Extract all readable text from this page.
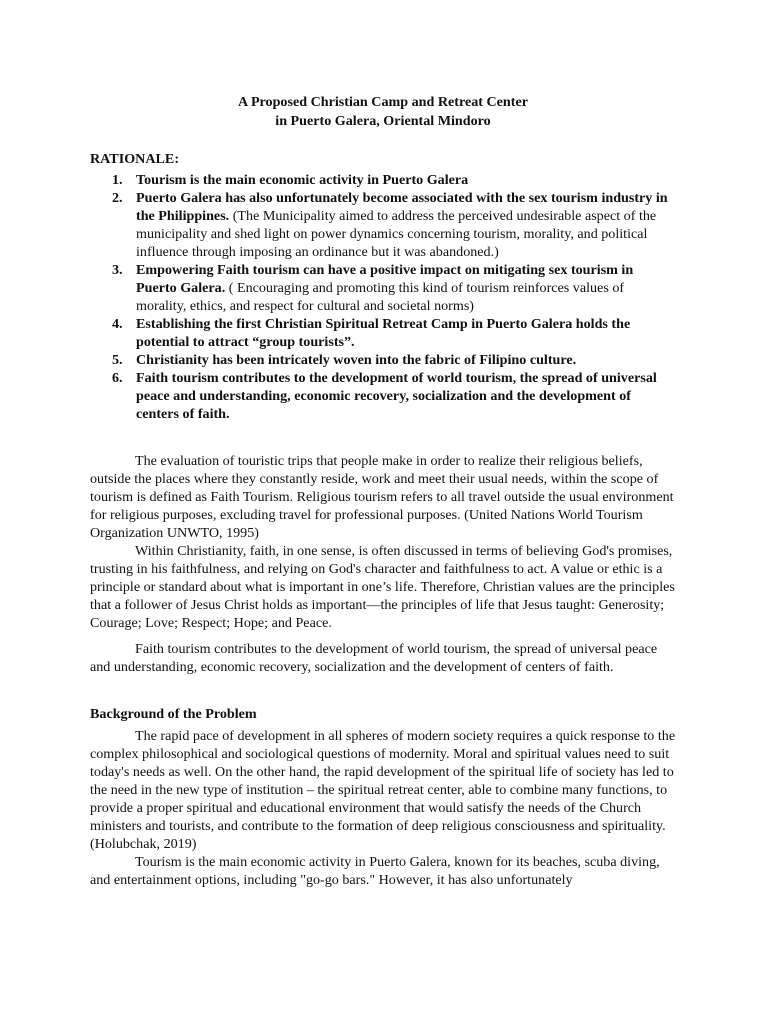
A Proposed Christian Camp and Retreat Center
in Puerto Galera, Oriental Mindoro
RATIONALE:
1. Tourism is the main economic activity in Puerto Galera
2. Puerto Galera has also unfortunately become associated with the sex tourism industry in the Philippines. (The Municipality aimed to address the perceived undesirable aspect of the municipality and shed light on power dynamics concerning tourism, morality, and political influence through imposing an ordinance but it was abandoned.)
3. Empowering Faith tourism can have a positive impact on mitigating sex tourism in Puerto Galera. ( Encouraging and promoting this kind of tourism reinforces values of morality, ethics, and respect for cultural and societal norms)
4. Establishing the first Christian Spiritual Retreat Camp in Puerto Galera holds the potential to attract “group tourists”.
5. Christianity has been intricately woven into the fabric of Filipino culture.
6. Faith tourism contributes to the development of world tourism, the spread of universal peace and understanding, economic recovery, socialization and the development of centers of faith.

The evaluation of touristic trips that people make in order to realize their religious beliefs, outside the places where they constantly reside, work and meet their usual needs, within the scope of tourism is defined as Faith Tourism. Religious tourism refers to all travel outside the usual environment for religious purposes, excluding travel for professional purposes. (United Nations World Tourism Organization UNWTO, 1995)

Within Christianity, faith, in one sense, is often discussed in terms of believing God's promises, trusting in his faithfulness, and relying on God's character and faithfulness to act. A value or ethic is a principle or standard about what is important in one’s life. Therefore, Christian values are the principles that a follower of Jesus Christ holds as important—the principles of life that Jesus taught: Generosity; Courage; Love; Respect; Hope; and Peace.

Faith tourism contributes to the development of world tourism, the spread of universal peace and understanding, economic recovery, socialization and the development of centers of faith.

Background of the Problem

The rapid pace of development in all spheres of modern society requires a quick response to the complex philosophical and sociological questions of modernity. Moral and spiritual values need to suit today's needs as well. On the other hand, the rapid development of the spiritual life of society has led to the need in the new type of institution – the spiritual retreat center, able to combine many functions, to provide a proper spiritual and educational environment that would satisfy the needs of the Church ministers and tourists, and contribute to the formation of deep religious consciousness and spirituality. (Holubchak, 2019)

Tourism is the main economic activity in Puerto Galera, known for its beaches, scuba diving, and entertainment options, including "go-go bars." However, it has also unfortunately
